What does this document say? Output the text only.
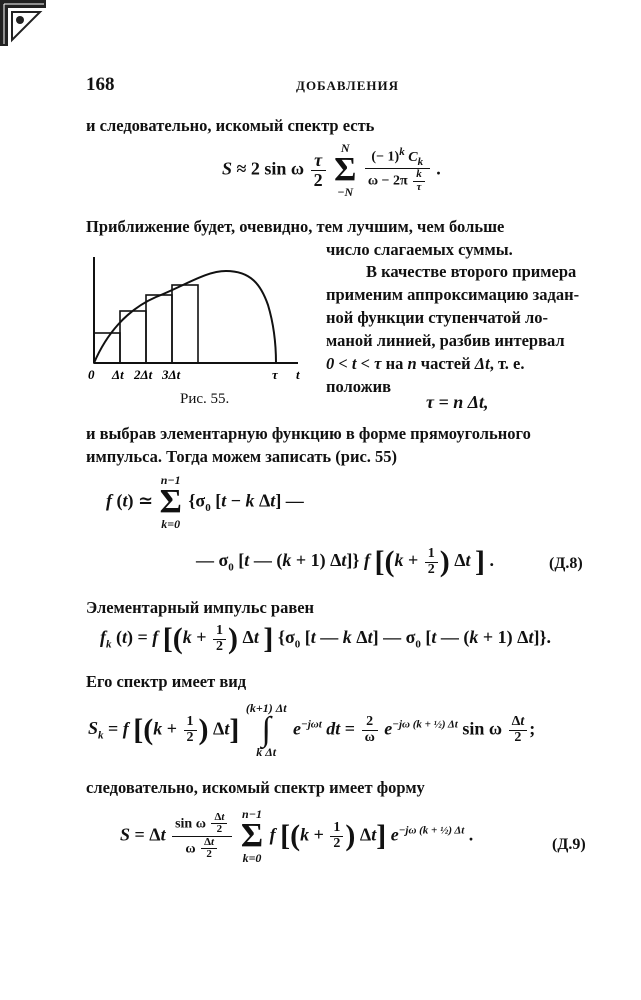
168	ДОБАВЛЕНИЯ
и следовательно, искомый спектр есть
S ≈ 2 sin ω $\frac{\tau}{2}$

N
Σ
−N
$\frac{(- 1)^k C_k}{\omega - 2\pi \frac{k}{\tau}}$ .
Приближение будет, очевидно, тем лучшим, чем больше
число слагаемых суммы.
0 Δt 2Δt 3Δt	τ t
Рис. 55.
В качестве второго примера
применим аппроксимацию задан-
ной функции ступенчатой ло-
маной линией, разбив интервал
0 < t < τ на n частей Δt, т. е.
положив
τ = n Δt,
и выбрав элементарную функцию в форме прямоугольного
импульса. Тогда можем записать (рис. 55)
f (t) ≃
n−1
Σ
k=0
{$\sigma_0$ [t − k Δt] —
— $\sigma_0$ [t — (k + 1) Δt]} f [($k + \frac{1}{2}$ ) Δt ] .	(Д.8)
Элементарный импульс равен
$f_k$ (t) = f [($k + \frac{1}{2}$ ) Δt ] {$\sigma_0$ [t — k Δt] — $\sigma_0$ [t — (k + 1) Δt]}.
Его спектр имеет вид
$S_k = f$ [($k + \frac{1}{2}$ ) Δt]
(k+1) Δt
∫
k Δt
$e^{-j\omega t}$ dt = $\frac{2}{\omega} e^{-j\omega (k + \frac{1}{2}) \Delta t}$ sin ω $\frac{\Delta t}{2}$ ;
следовательно, искомый спектр имеет форму
S = Δt $\frac{\sin \omega \frac{\Delta t}{2}}{\omega \frac{\Delta t}{2}}$
n−1
Σ
k=0
f [($k + \frac{1}{2}$ ) Δt] $e^{-j\omega (k + \frac{1}{2}) \Delta t}$ .
(Д.9)
